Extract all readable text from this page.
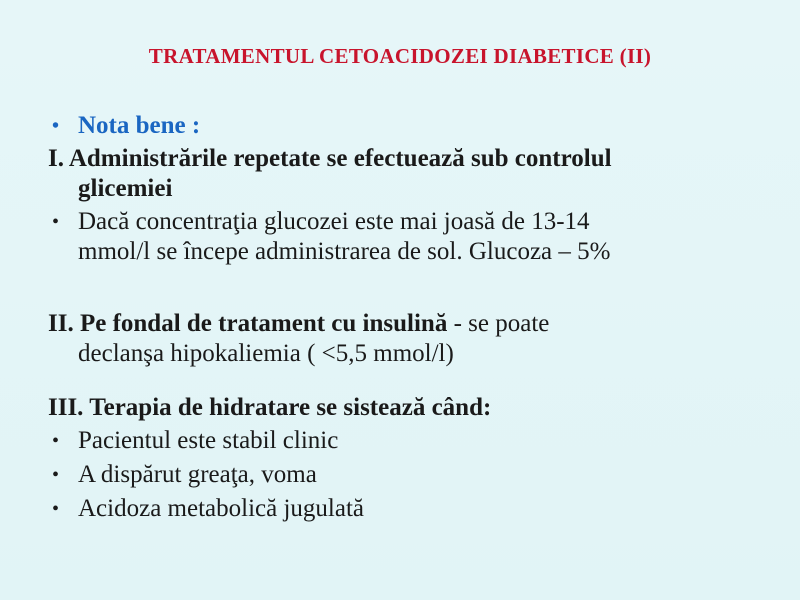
TRATAMENTUL CETOACIDOZEI DIABETICE (II)
• Nota bene :
I. Administrările repetate se efectuează sub controlul
glicemiei
• Dacă concentraţia glucozei este mai joasă de 13-14
mmol/l se începe administrarea de sol. Glucoza – 5%
II. Pe fondal de tratament cu insulină - se poate
declanşa hipokaliemia ( <5,5 mmol/l)
III. Terapia de hidratare se sistează când:
• Pacientul este stabil clinic
• A dispărut greaţa, voma
• Acidoza metabolică jugulată
